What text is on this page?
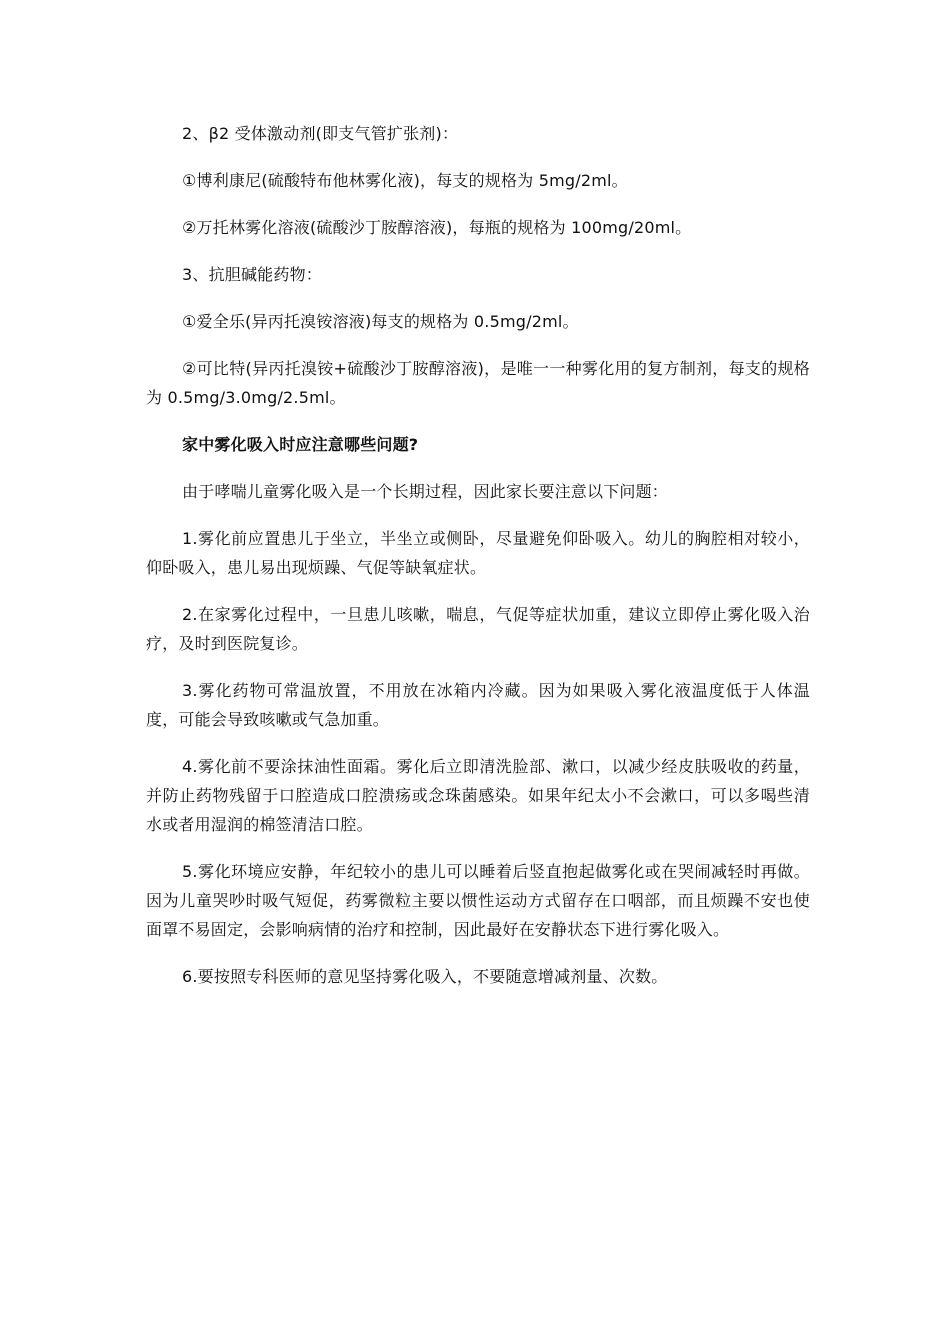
2、β2 受体激动剂(即支气管扩张剂)：

①博利康尼(硫酸特布他林雾化液)，每支的规格为 5mg/2ml。

②万托林雾化溶液(硫酸沙丁胺醇溶液)，每瓶的规格为 100mg/20ml。

3、抗胆碱能药物：

①爱全乐(异丙托溴铵溶液)每支的规格为 0.5mg/2ml。

②可比特(异丙托溴铵+硫酸沙丁胺醇溶液)，是唯一一种雾化用的复方制剂，每支的规格为 0.5mg/3.0mg/2.5ml。

家中雾化吸入时应注意哪些问题?

由于哮喘儿童雾化吸入是一个长期过程，因此家长要注意以下问题：

1.雾化前应置患儿于坐立，半坐立或侧卧，尽量避免仰卧吸入。幼儿的胸腔相对较小，仰卧吸入，患儿易出现烦躁、气促等缺氧症状。

2.在家雾化过程中，一旦患儿咳嗽，喘息，气促等症状加重，建议立即停止雾化吸入治疗，及时到医院复诊。

3.雾化药物可常温放置，不用放在冰箱内冷藏。因为如果吸入雾化液温度低于人体温度，可能会导致咳嗽或气急加重。

4.雾化前不要涂抹油性面霜。雾化后立即清洗脸部、漱口，以减少经皮肤吸收的药量，并防止药物残留于口腔造成口腔溃疡或念珠菌感染。如果年纪太小不会漱口，可以多喝些清水或者用湿润的棉签清洁口腔。

5.雾化环境应安静，年纪较小的患儿可以睡着后竖直抱起做雾化或在哭闹减轻时再做。因为儿童哭吵时吸气短促，药雾微粒主要以惯性运动方式留存在口咽部，而且烦躁不安也使面罩不易固定，会影响病情的治疗和控制，因此最好在安静状态下进行雾化吸入。

6.要按照专科医师的意见坚持雾化吸入，不要随意增减剂量、次数。
